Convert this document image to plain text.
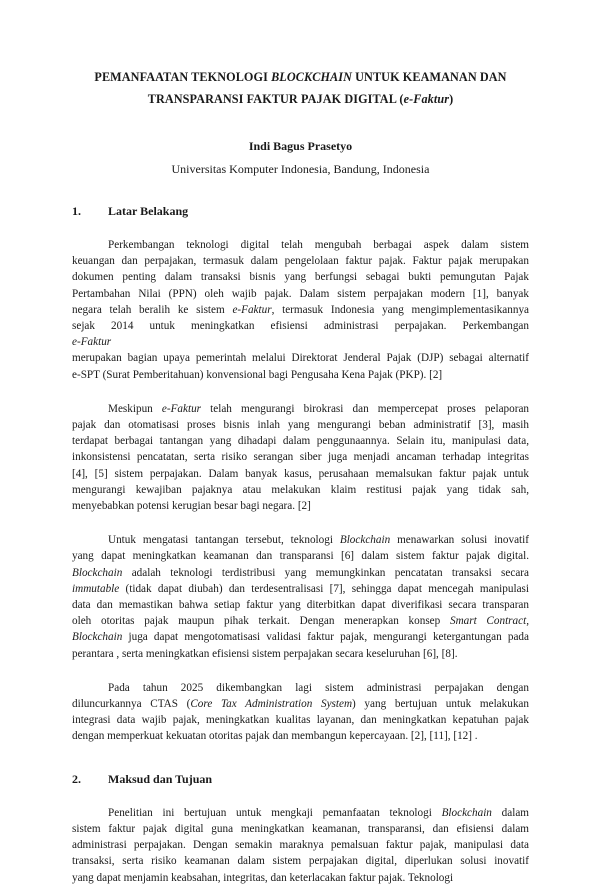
PEMANFAATAN TEKNOLOGI BLOCKCHAIN UNTUK KEAMANAN DAN
TRANSPARANSI FAKTUR PAJAK DIGITAL (e-Faktur)

Indi Bagus Prasetyo

Universitas Komputer Indonesia, Bandung, Indonesia

1.	Latar Belakang
Perkembangan teknologi digital telah mengubah berbagai aspek dalam sistem
keuangan dan perpajakan, termasuk dalam pengelolaan faktur pajak. Faktur pajak merupakan
dokumen penting dalam transaksi bisnis yang berfungsi sebagai bukti pemungutan Pajak
Pertambahan Nilai (PPN) oleh wajib pajak. Dalam sistem perpajakan modern [1], banyak
negara telah beralih ke sistem e-Faktur, termasuk Indonesia yang mengimplementasikannya
sejak 2014 untuk meningkatkan efisiensi administrasi perpajakan. Perkembangan
e-Faktur
merupakan bagian upaya pemerintah melalui Direktorat Jenderal Pajak (DJP) sebagai alternatif
e-SPT (Surat Pemberitahuan) konvensional bagi Pengusaha Kena Pajak (PKP). [2]
Meskipun e-Faktur telah mengurangi birokrasi dan mempercepat proses pelaporan
pajak dan otomatisasi proses bisnis inlah yang mengurangi beban administratif [3], masih
terdapat berbagai tantangan yang dihadapi dalam penggunaannya. Selain itu, manipulasi data,
inkonsistensi pencatatan, serta risiko serangan siber juga menjadi ancaman terhadap integritas
[4], [5] sistem perpajakan. Dalam banyak kasus, perusahaan memalsukan faktur pajak untuk
mengurangi kewajiban pajaknya atau melakukan klaim restitusi pajak yang tidak sah,
menyebabkan potensi kerugian besar bagi negara. [2]
Untuk mengatasi tantangan tersebut, teknologi Blockchain menawarkan solusi inovatif
yang dapat meningkatkan keamanan dan transparansi [6] dalam sistem faktur pajak digital.
Blockchain adalah teknologi terdistribusi yang memungkinkan pencatatan transaksi secara
immutable (tidak dapat diubah) dan terdesentralisasi [7], sehingga dapat mencegah manipulasi
data dan memastikan bahwa setiap faktur yang diterbitkan dapat diverifikasi secara transparan
oleh otoritas pajak maupun pihak terkait. Dengan menerapkan konsep Smart Contract,
Blockchain juga dapat mengotomatisasi validasi faktur pajak, mengurangi ketergantungan pada
perantara , serta meningkatkan efisiensi sistem perpajakan secara keseluruhan [6], [8].
Pada tahun 2025 dikembangkan lagi sistem administrasi perpajakan dengan
diluncurkannya CTAS (Core Tax Administration System) yang bertujuan untuk melakukan
integrasi data wajib pajak, meningkatkan kualitas layanan, dan meningkatkan kepatuhan pajak
dengan memperkuat kekuatan otoritas pajak dan membangun kepercayaan. [2], [11], [12] .
2.	Maksud dan Tujuan
Penelitian ini bertujuan untuk mengkaji pemanfaatan teknologi Blockchain dalam
sistem faktur pajak digital guna meningkatkan keamanan, transparansi, dan efisiensi dalam
administrasi perpajakan. Dengan semakin maraknya pemalsuan faktur pajak, manipulasi data
transaksi, serta risiko keamanan dalam sistem perpajakan digital, diperlukan solusi inovatif
yang dapat menjamin keabsahan, integritas, dan keterlacakan faktur pajak. Teknologi
